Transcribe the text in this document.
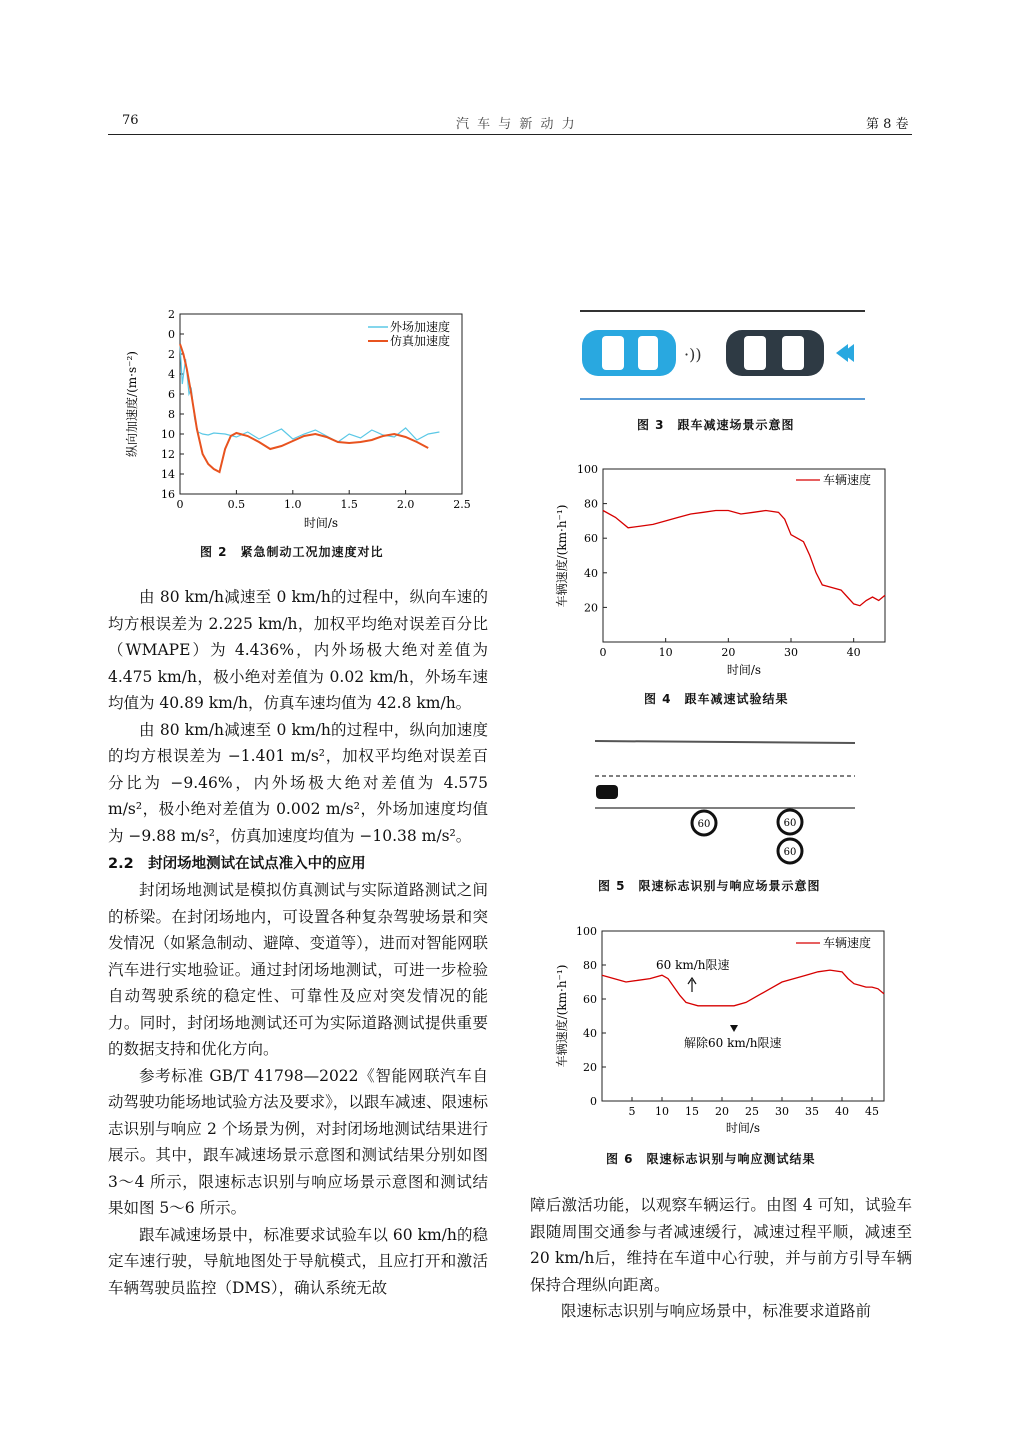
76	汽 车 与 新 动 力	第 8 卷
2
0
2
4
6
8
10
12
14
16
0	0.5	1.0	1.5	2.0	2.5
外场加速度
仿真加速度
纵向加速度/(m·s⁻²)
时间/s
图 2　紧急制动工况加速度对比

由 80 km/h减速至 0 km/h的过程中，纵向车速的均方根误差为 2.225 km/h，加权平均绝对误差百分比（WMAPE）为 4.436%，内外场极大绝对差值为 4.475 km/h，极小绝对差值为 0.02 km/h，外场车速均值为 40.89 km/h，仿真车速均值为 42.8 km/h。

由 80 km/h减速至 0 km/h的过程中，纵向加速度的均方根误差为 −1.401 m/s²，加权平均绝对误差百分比为 −9.46%，内外场极大绝对差值为 4.575 m/s²，极小绝对差值为 0.002 m/s²，外场加速度均值为 −9.88 m/s²，仿真加速度均值为 −10.38 m/s²。

2.2　封闭场地测试在试点准入中的应用

封闭场地测试是模拟仿真测试与实际道路测试之间的桥梁。在封闭场地内，可设置各种复杂驾驶场景和突发情况（如紧急制动、避障、变道等），进而对智能网联汽车进行实地验证。通过封闭场地测试，可进一步检验自动驾驶系统的稳定性、可靠性及应对突发情况的能力。同时，封闭场地测试还可为实际道路测试提供重要的数据支持和优化方向。

参考标准 GB/T 41798—2022《智能网联汽车自动驾驶功能场地试验方法及要求》，以跟车减速、限速标志识别与响应 2 个场景为例，对封闭场地测试结果进行展示。其中，跟车减速场景示意图和测试结果分别如图 3～4 所示，限速标志识别与响应场景示意图和测试结果如图 5～6 所示。

跟车减速场景中，标准要求试验车以 60 km/h的稳定车速行驶，导航地图处于导航模式，且应打开和激活车辆驾驶员监控（DMS），确认系统无故

·))
图 3　跟车减速场景示意图
100
80
60
40
20
0	10	20	30	40
车辆速度
车辆速度/(km·h⁻¹)
时间/s
图 4　跟车减速试验结果
60	60
60
图 5　限速标志识别与响应场景示意图
100
80
60
40
20
0
5 10 15 20 25 30 35 40 45
车辆速度
60 km/h限速
解除60 km/h限速
车辆速度/(km·h⁻¹)
时间/s
图 6　限速标志识别与响应测试结果

障后激活功能，以观察车辆运行。由图 4 可知，试验车跟随周围交通参与者减速缓行，减速过程平顺，减速至 20 km/h后，维持在车道中心行驶，并与前方引导车辆保持合理纵向距离。

限速标志识别与响应场景中，标准要求道路前
